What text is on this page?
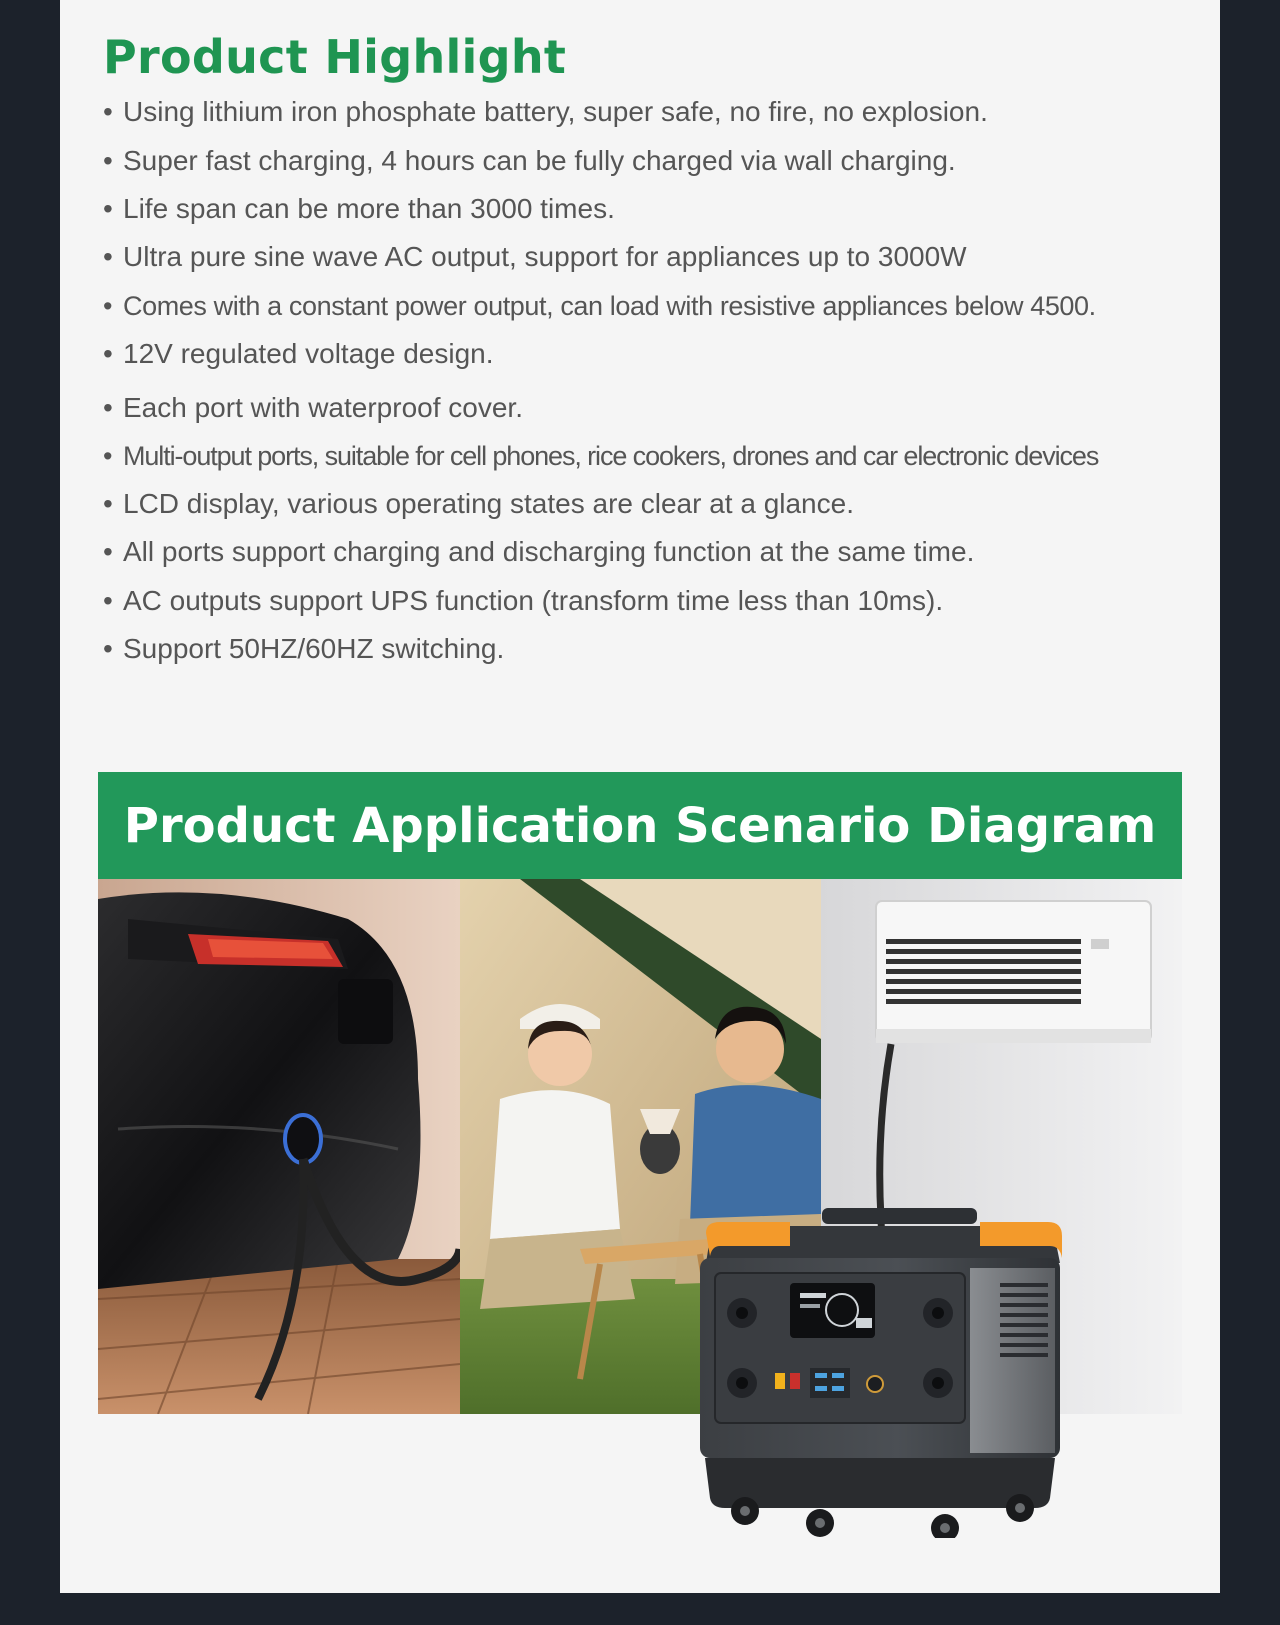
Product Highlight
• Using lithium iron phosphate battery, super safe, no fire, no explosion.
• Super fast charging, 4 hours can be fully charged via wall charging.
• Life span can be more than 3000 times.
• Ultra pure sine wave AC output, support for appliances up to 3000W
• Comes with a constant power output, can load with resistive appliances below 4500.
• 12V regulated voltage design.
• Each port with waterproof cover.
• Multi-output ports, suitable for cell phones, rice cookers, drones and car electronic devices
• LCD display, various operating states are clear at a glance.
• All ports support charging and discharging function at the same time.
• AC outputs support UPS function (transform time less than 10ms).
• Support 50HZ/60HZ switching.
Product Application Scenario Diagram
